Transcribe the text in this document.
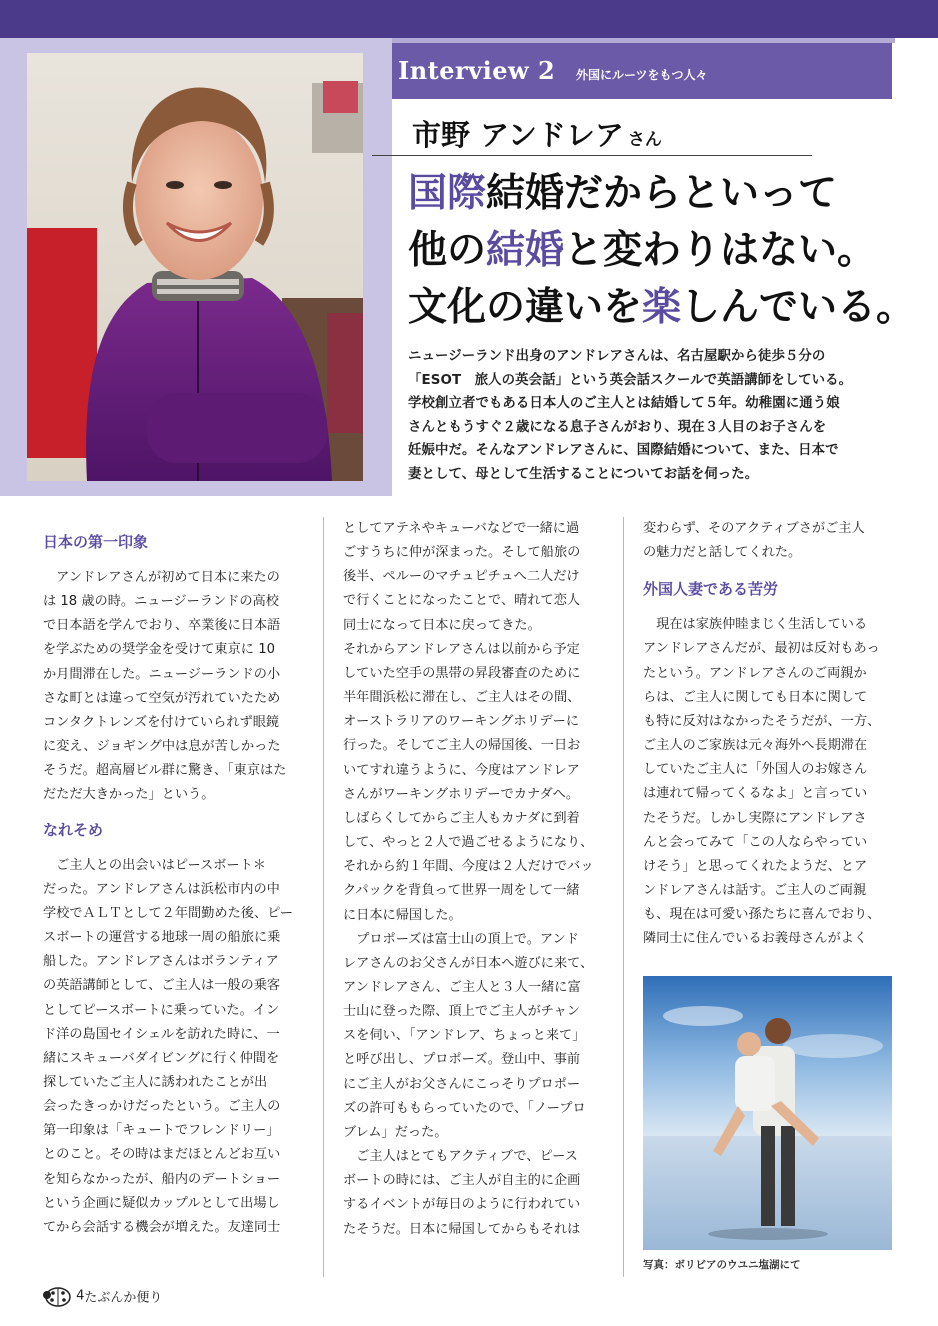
Interview 2 外国にルーツをもつ人々
市野 アンドレア さん
国際結婚だからといって
他の結婚と変わりはない。
文化の違いを楽しんでいる。

ニュージーランド出身のアンドレアさんは、名古屋駅から徒歩５分の

「ESOT　旅人の英会話」という英会話スクールで英語講師をしている。

学校創立者でもある日本人のご主人とは結婚して５年。幼稚園に通う娘

さんともうすぐ２歳になる息子さんがおり、現在３人目のお子さんを

妊娠中だ。そんなアンドレアさんに、国際結婚について、また、日本で

妻として、母として生活することについてお話を伺った。

日本の第一印象

　アンドレアさんが初めて日本に来たの

は 18 歳の時。ニュージーランドの高校

で日本語を学んでおり、卒業後に日本語

を学ぶための奨学金を受けて東京に 10

か月間滞在した。ニュージーランドの小

さな町とは違って空気が汚れていたため

コンタクトレンズを付けていられず眼鏡

に変え、ジョギング中は息が苦しかった

そうだ。超高層ビル群に驚き、「東京はた

だただ大きかった」という。

なれそめ

　ご主人との出会いはピースボート＊

だった。アンドレアさんは浜松市内の中

学校でＡＬＴとして２年間勤めた後、ピー

スボートの運営する地球一周の船旅に乗

船した。アンドレアさんはボランティア

の英語講師として、ご主人は一般の乗客

としてピースボートに乗っていた。イン

ド洋の島国セイシェルを訪れた時に、一

緒にスキューバダイビングに行く仲間を

探していたご主人に誘われたことが出

会ったきっかけだったという。ご主人の

第一印象は「キュートでフレンドリー」

とのこと。その時はまだほとんどお互い

を知らなかったが、船内のデートショー

という企画に疑似カップルとして出場し

てから会話する機会が増えた。友達同士

としてアテネやキューバなどで一緒に過

ごすうちに仲が深まった。そして船旅の

後半、ペルーのマチュピチュへ二人だけ

で行くことになったことで、晴れて恋人

同士になって日本に戻ってきた。

それからアンドレアさんは以前から予定

していた空手の黒帯の昇段審査のために

半年間浜松に滞在し、ご主人はその間、

オーストラリアのワーキングホリデーに

行った。そしてご主人の帰国後、一日お

いてすれ違うように、今度はアンドレア

さんがワーキングホリデーでカナダへ。

しばらくしてからご主人もカナダに到着

して、やっと２人で過ごせるようになり、

それから約１年間、今度は２人だけでバッ

クパックを背負って世界一周をして一緒

に日本に帰国した。

　プロポーズは富士山の頂上で。アンド

レアさんのお父さんが日本へ遊びに来て、

アンドレアさん、ご主人と３人一緒に富

士山に登った際、頂上でご主人がチャン

スを伺い、「アンドレア、ちょっと来て」

と呼び出し、プロポーズ。登山中、事前

にご主人がお父さんにこっそりプロポー

ズの許可ももらっていたので、「ノープロ

ブレム」だった。

　ご主人はとてもアクティブで、ピース

ボートの時には、ご主人が自主的に企画

するイベントが毎日のように行われてい

たそうだ。日本に帰国してからもそれは

変わらず、そのアクティブさがご主人

の魅力だと話してくれた。

外国人妻である苦労

　現在は家族仲睦まじく生活している

アンドレアさんだが、最初は反対もあっ

たという。アンドレアさんのご両親か

らは、ご主人に関しても日本に関して

も特に反対はなかったそうだが、一方、

ご主人のご家族は元々海外へ長期滞在

していたご主人に「外国人のお嫁さん

は連れて帰ってくるなよ」と言ってい

たそうだ。しかし実際にアンドレアさ

んと会ってみて「この人ならやってい

けそう」と思ってくれたようだ、とア

ンドレアさんは話す。ご主人のご両親

も、現在は可愛い孫たちに喜んでおり、

隣同士に住んでいるお義母さんがよく

写真：ボリビアのウユニ塩湖にて
4たぶんか便り
